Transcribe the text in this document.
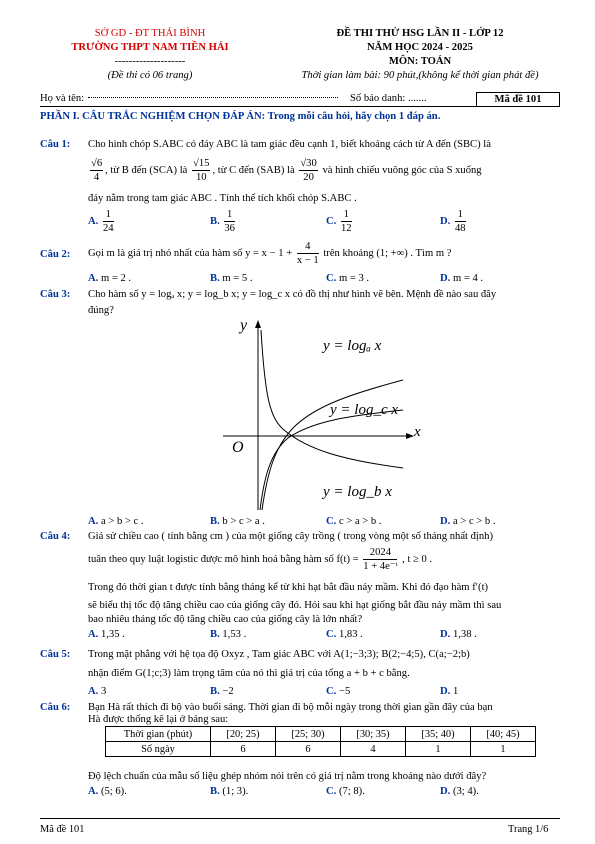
SỞ GD - ĐT THÁI BÌNH
TRƯỜNG THPT NAM TIỀN HẢI
--------------------
(Đề thi có 06 trang)
ĐỀ THI THỬ HSG LẦN II - LỚP 12
NĂM HỌC 2024 - 2025
MÔN: TOÁN
Thời gian làm bài: 90 phút,(không kể thời gian phát đề)
Họ và tên:	Số báo danh: .......	Mã đề 101
PHẦN I. CÂU TRẮC NGHIỆM CHỌN ĐÁP ÁN: Trong mỗi câu hỏi, hãy chọn 1 đáp án.
Câu 1: Cho hình chóp S.ABC có đáy ABC là tam giác đều cạnh 1, biết khoảng cách từ A đến (SBC) là
$\frac{√6}{4}$ , từ B đến (SCA) là $\frac{√15}{10}$ , từ C đến (SAB) là $\frac{√30}{20}$ và hình chiếu vuông góc của S xuống
đáy nằm trong tam giác ABC . Tính thể tích khối chóp S.ABC .
A. $\frac{1}{24}$	B. $\frac{1}{36}$	C. $\frac{1}{12}$	D. $\frac{1}{48}$
Câu 2: Gọi m là giá trị nhỏ nhất của hàm số $y = x - 1 + \frac{4}{x - 1}$ trên khoảng (1; +∞) . Tìm m ?
A. m = 2 .	B. m = 5 .	C. m = 3 .	D. m = 4 .
Câu 3: Cho hàm số y = logₐ x; y = log_b x; y = log_c x có đồ thị như hình vẽ bên. Mệnh đề nào sau đây
đúng?
y
x
O
y = logₐ x
y = log_c x
y = log_b x
A. a > b > c .	B. b > c > a .	C. c > a > b .	D. a > c > b .
Câu 4: Giả sử chiều cao ( tính bằng cm ) của một giống cây trồng ( trong vòng một số tháng nhất định)
tuân theo quy luật logistic được mô hình hoá bằng hàm số $f(t) = \frac{2024}{\text{1 + 4e⁻ᵗ}}$ , t ≥ 0 .
Trong đó thời gian t được tính bằng tháng kể từ khi hạt bắt đầu nảy mầm. Khi đó đạo hàm f′(t)
sẽ biểu thị tốc độ tăng chiều cao của giống cây đó. Hỏi sau khi hạt giống bắt đầu nảy mầm thì sau
bao nhiêu tháng tốc độ tăng chiều cao của giống cây là lớn nhất?
A. 1,35 .	B. 1,53 .	C. 1,83 .	D. 1,38 .
Câu 5: Trong mặt phẳng với hệ tọa độ Oxyz , Tam giác ABC với A(1;−3;3); B(2;−4;5), C(a;−2;b)
nhận điểm G(1;c;3) làm trọng tâm của nó thì giá trị của tổng a + b + c bằng.
A. 3	B. −2	C. −5	D. 1
Câu 6: Bạn Hà rất thích đi bộ vào buổi sáng. Thời gian đi bộ mỗi ngày trong thời gian gần đây của bạn
Hà được thống kê lại ở bảng sau:
Thời gian (phút)	[20; 25)	[25; 30)	[30; 35)	[35; 40)	[40; 45)
Số ngày	6	6	4	1	1
Độ lệch chuẩn của mẫu số liệu ghép nhóm nói trên có giá trị nằm trong khoảng nào dưới đây?
A. (5; 6).	B. (1; 3).	C. (7; 8).	D. (3; 4).
Mã đề 101	Trang 1/6
